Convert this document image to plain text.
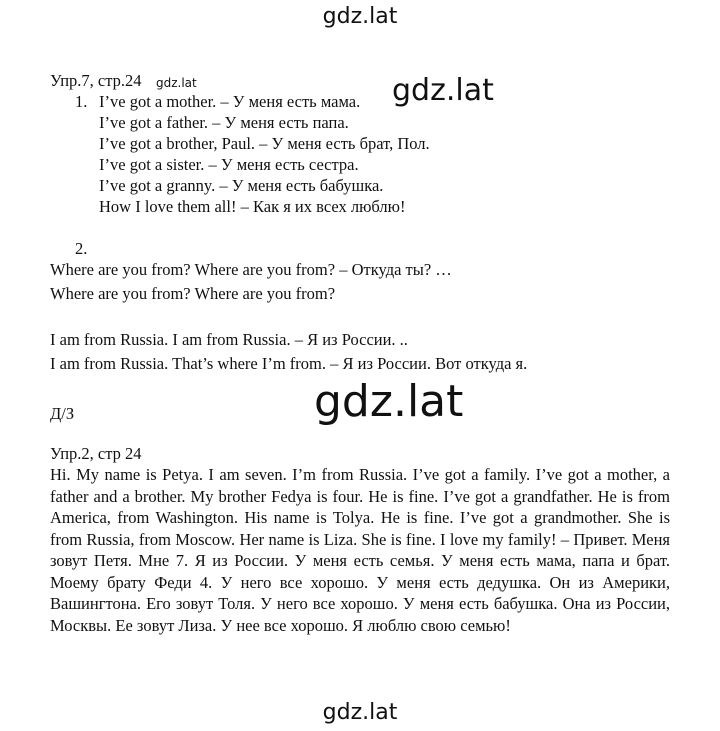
Упр.7, стр.24
1. I’ve got a mother. – У меня есть мама.
I’ve got a father. – У меня есть папа.
I’ve got a brother, Paul. – У меня есть брат, Пол.
I’ve got a sister. – У меня есть сестра.
I’ve got a granny. – У меня есть бабушка.
How I love them all! – Как я их всех люблю!
2.
Where are you from? Where are you from? – Откуда ты? …
Where are you from? Where are you from?
I am from Russia. I am from Russia. – Я из России. ..
I am from Russia. That’s where I’m from. – Я из России. Вот откуда я.
Д/З
Упр.2, стр 24
Hi. My name is Petya. I am seven. I’m from Russia. I’ve got a family. I’ve got a mother, a father and a brother. My brother Fedya is four. He is fine. I’ve got a grandfather. He is from America, from Washington. His name is Tolya. He is fine. I’ve got a grandmother. She is from Russia, from Moscow. Her name is Liza. She is fine. I love my family! – Привет. Меня зовут Петя. Мне 7. Я из России. У меня есть семья. У меня есть мама, папа и брат. Моему брату Феди 4. У него все хорошо. У меня есть дедушка. Он из Америки, Вашингтона. Его зовут Толя. У него все хорошо. У меня есть бабушка. Она из России, Москвы. Ее зовут Лиза. У нее все хорошо. Я люблю свою семью!
gdz.lat
gdz.lat	gdz.lat
gdz.lat
gdz.lat
